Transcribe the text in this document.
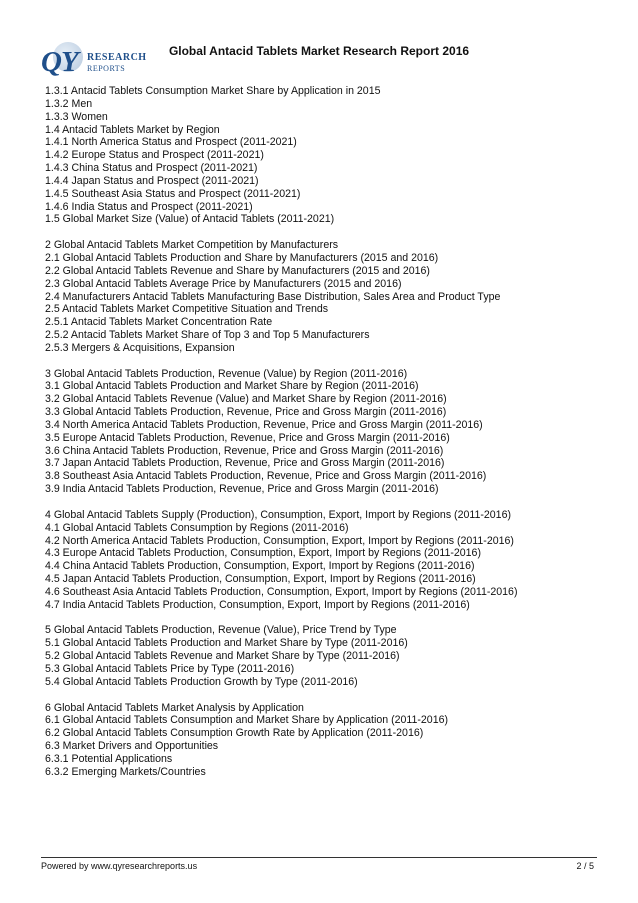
QY RESEARCH
REPORTS
Global Antacid Tablets Market Research Report 2016
1.3.1 Antacid Tablets Consumption Market Share by Application in 2015
1.3.2 Men
1.3.3 Women
1.4 Antacid Tablets Market by Region
1.4.1 North America Status and Prospect (2011-2021)
1.4.2 Europe Status and Prospect (2011-2021)
1.4.3 China Status and Prospect (2011-2021)
1.4.4 Japan Status and Prospect (2011-2021)
1.4.5 Southeast Asia Status and Prospect (2011-2021)
1.4.6 India Status and Prospect (2011-2021)
1.5 Global Market Size (Value) of Antacid Tablets (2011-2021)
2 Global Antacid Tablets Market Competition by Manufacturers
2.1 Global Antacid Tablets Production and Share by Manufacturers (2015 and 2016)
2.2 Global Antacid Tablets Revenue and Share by Manufacturers (2015 and 2016)
2.3 Global Antacid Tablets Average Price by Manufacturers (2015 and 2016)
2.4 Manufacturers Antacid Tablets Manufacturing Base Distribution, Sales Area and Product Type
2.5 Antacid Tablets Market Competitive Situation and Trends
2.5.1 Antacid Tablets Market Concentration Rate
2.5.2 Antacid Tablets Market Share of Top 3 and Top 5 Manufacturers
2.5.3 Mergers & Acquisitions, Expansion
3 Global Antacid Tablets Production, Revenue (Value) by Region (2011-2016)
3.1 Global Antacid Tablets Production and Market Share by Region (2011-2016)
3.2 Global Antacid Tablets Revenue (Value) and Market Share by Region (2011-2016)
3.3 Global Antacid Tablets Production, Revenue, Price and Gross Margin (2011-2016)
3.4 North America Antacid Tablets Production, Revenue, Price and Gross Margin (2011-2016)
3.5 Europe Antacid Tablets Production, Revenue, Price and Gross Margin (2011-2016)
3.6 China Antacid Tablets Production, Revenue, Price and Gross Margin (2011-2016)
3.7 Japan Antacid Tablets Production, Revenue, Price and Gross Margin (2011-2016)
3.8 Southeast Asia Antacid Tablets Production, Revenue, Price and Gross Margin (2011-2016)
3.9 India Antacid Tablets Production, Revenue, Price and Gross Margin (2011-2016)
4 Global Antacid Tablets Supply (Production), Consumption, Export, Import by Regions (2011-2016)
4.1 Global Antacid Tablets Consumption by Regions (2011-2016)
4.2 North America Antacid Tablets Production, Consumption, Export, Import by Regions (2011-2016)
4.3 Europe Antacid Tablets Production, Consumption, Export, Import by Regions (2011-2016)
4.4 China Antacid Tablets Production, Consumption, Export, Import by Regions (2011-2016)
4.5 Japan Antacid Tablets Production, Consumption, Export, Import by Regions (2011-2016)
4.6 Southeast Asia Antacid Tablets Production, Consumption, Export, Import by Regions (2011-2016)
4.7 India Antacid Tablets Production, Consumption, Export, Import by Regions (2011-2016)
5 Global Antacid Tablets Production, Revenue (Value), Price Trend by Type
5.1 Global Antacid Tablets Production and Market Share by Type (2011-2016)
5.2 Global Antacid Tablets Revenue and Market Share by Type (2011-2016)
5.3 Global Antacid Tablets Price by Type (2011-2016)
5.4 Global Antacid Tablets Production Growth by Type (2011-2016)
6 Global Antacid Tablets Market Analysis by Application
6.1 Global Antacid Tablets Consumption and Market Share by Application (2011-2016)
6.2 Global Antacid Tablets Consumption Growth Rate by Application (2011-2016)
6.3 Market Drivers and Opportunities
6.3.1 Potential Applications
6.3.2 Emerging Markets/Countries
Powered by www.qyresearchreports.us	2 / 5
